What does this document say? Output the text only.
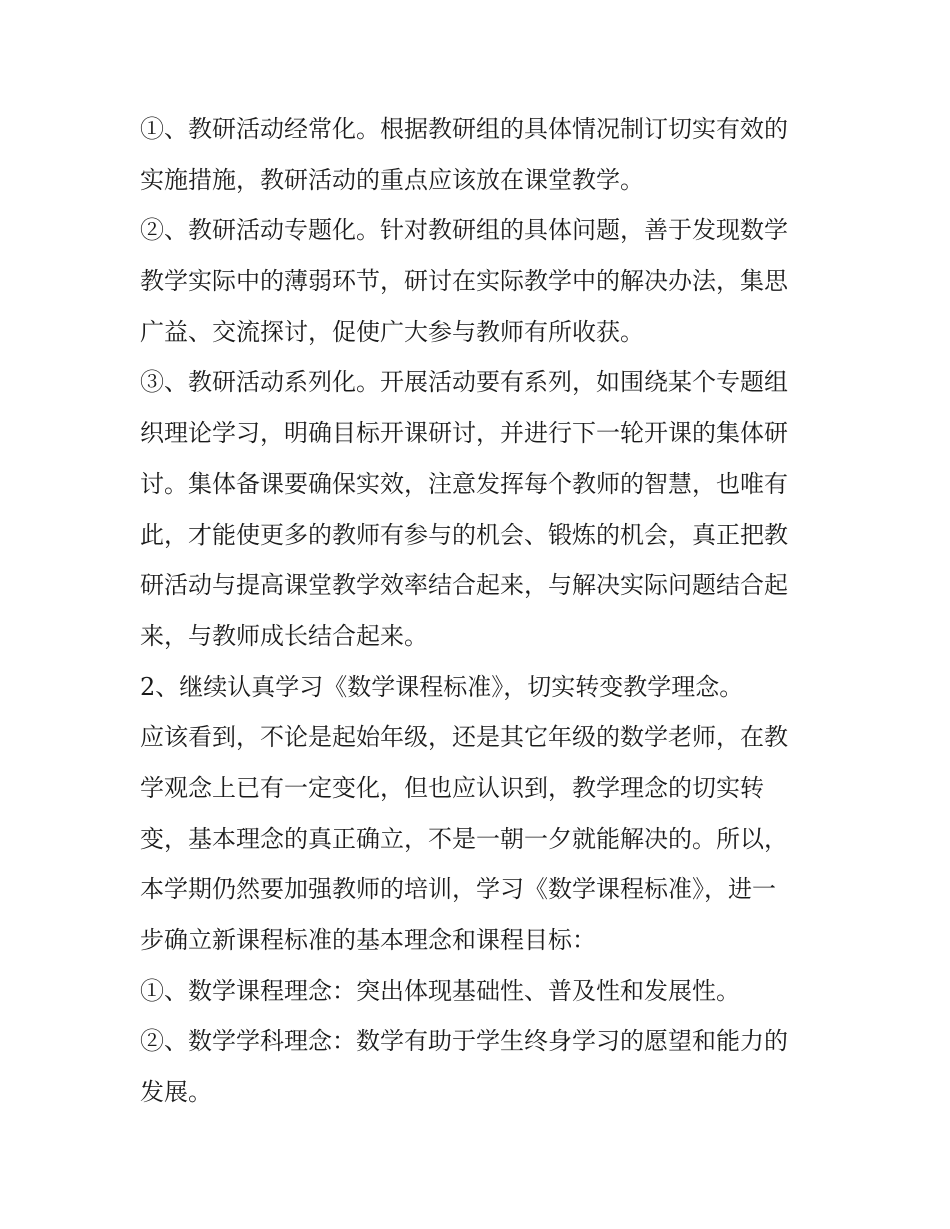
①、教研活动经常化。根据教研组的具体情况制订切实有效的
实施措施，教研活动的重点应该放在课堂教学。
②、教研活动专题化。针对教研组的具体问题，善于发现数学
教学实际中的薄弱环节，研讨在实际教学中的解决办法，集思
广益、交流探讨，促使广大参与教师有所收获。
③、教研活动系列化。开展活动要有系列，如围绕某个专题组
织理论学习，明确目标开课研讨，并进行下一轮开课的集体研
讨。集体备课要确保实效，注意发挥每个教师的智慧，也唯有
此，才能使更多的教师有参与的机会、锻炼的机会，真正把教
研活动与提高课堂教学效率结合起来，与解决实际问题结合起
来，与教师成长结合起来。
2、继续认真学习《数学课程标准》，切实转变教学理念。
应该看到，不论是起始年级，还是其它年级的数学老师，在教
学观念上已有一定变化，但也应认识到，教学理念的切实转
变，基本理念的真正确立，不是一朝一夕就能解决的。所以，
本学期仍然要加强教师的培训，学习《数学课程标准》，进一
步确立新课程标准的基本理念和课程目标：
①、数学课程理念：突出体现基础性、普及性和发展性。
②、数学学科理念：数学有助于学生终身学习的愿望和能力的
发展。
